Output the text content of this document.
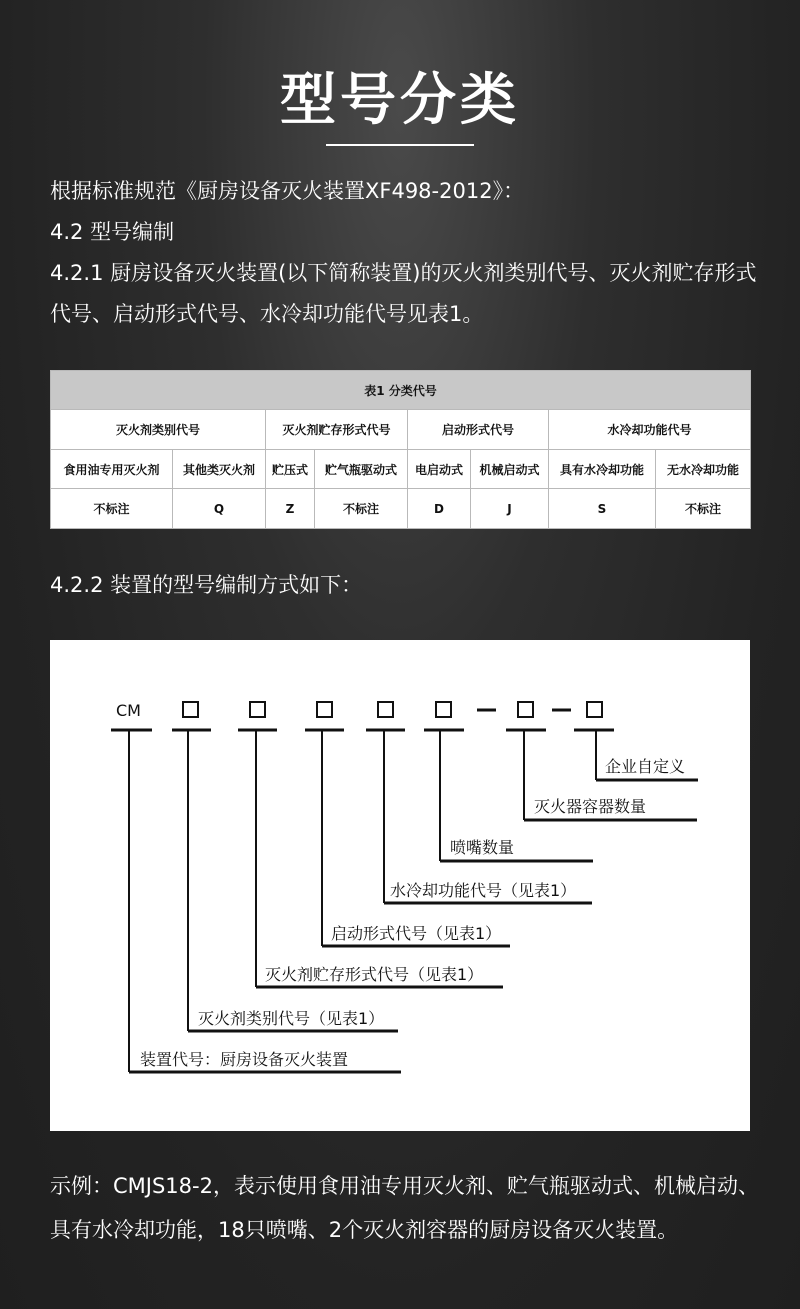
型号分类
根据标准规范《厨房设备灭火装置XF498-2012》：
4.2 型号编制
4.2.1 厨房设备灭火装置(以下简称装置)的灭火剂类别代号、灭火剂贮存形式代号、启动形式代号、水冷却功能代号见表1。
表1 分类代号							
灭火剂类别代号		灭火剂贮存形式代号		启动形式代号		水冷却功能代号	
食用油专用灭火剂	其他类灭火剂	贮压式	贮气瓶驱动式	电启动式	机械启动式	具有水冷却功能	无水冷却功能
不标注	Q	Z	不标注	D	J	S	不标注
4.2.2 装置的型号编制方式如下：
CM
企业自定义
灭火器容器数量
喷嘴数量
水冷却功能代号（见表1）
启动形式代号（见表1）
灭火剂贮存形式代号（见表1）
灭火剂类别代号（见表1）
装置代号：厨房设备灭火装置
示例：CMJS18-2，表示使用食用油专用灭火剂、贮气瓶驱动式、机械启动、具有水冷却功能，18只喷嘴、2个灭火剂容器的厨房设备灭火装置。
